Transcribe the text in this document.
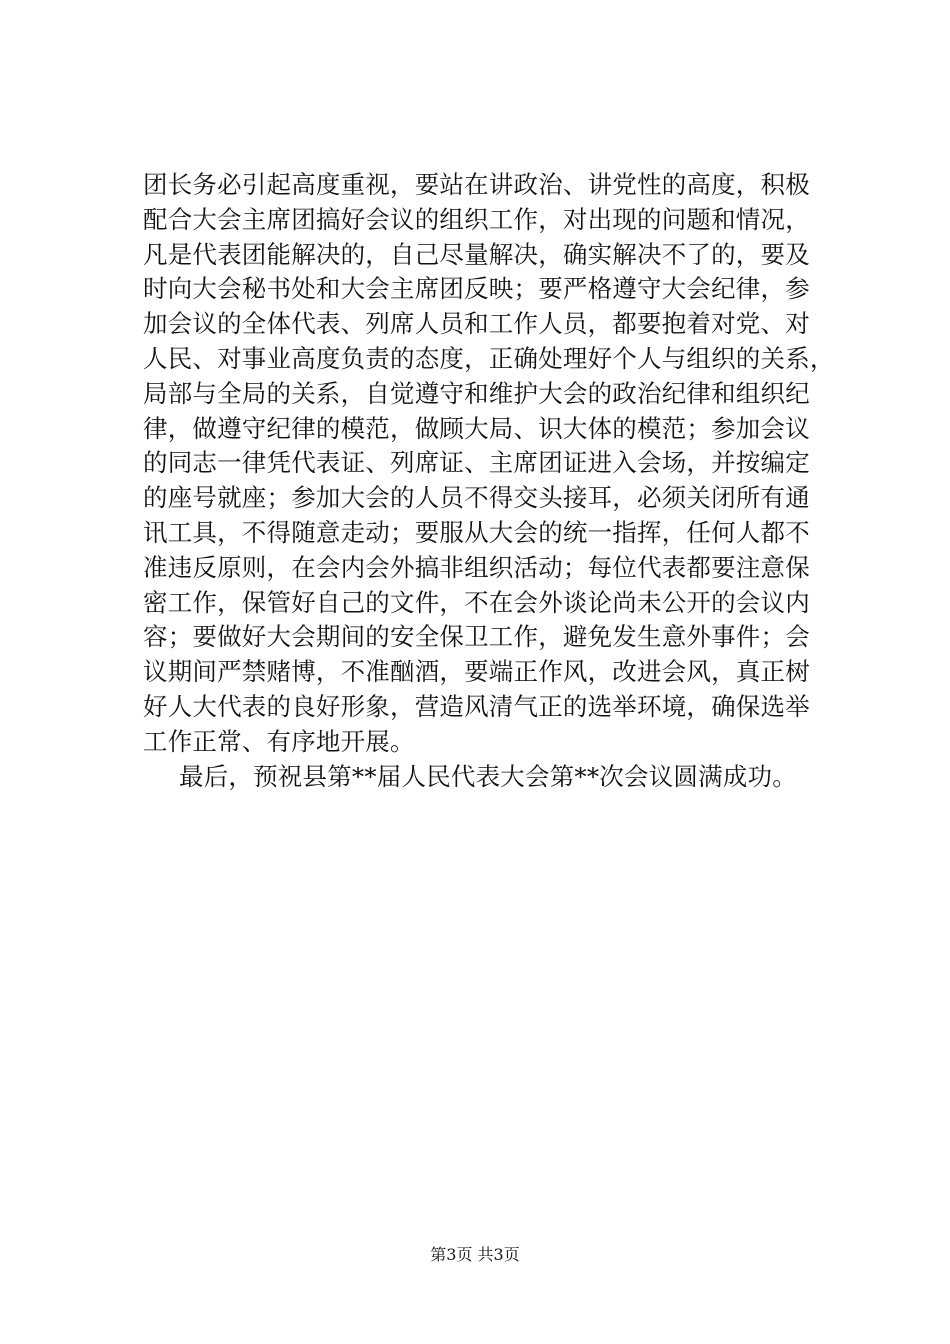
团长务必引起高度重视，要站在讲政治、讲党性的高度，积极
配合大会主席团搞好会议的组织工作，对出现的问题和情况，
凡是代表团能解决的，自己尽量解决，确实解决不了的，要及
时向大会秘书处和大会主席团反映；要严格遵守大会纪律，参
加会议的全体代表、列席人员和工作人员，都要抱着对党、对
人民、对事业高度负责的态度，正确处理好个人与组织的关系，
局部与全局的关系，自觉遵守和维护大会的政治纪律和组织纪
律，做遵守纪律的模范，做顾大局、识大体的模范；参加会议
的同志一律凭代表证、列席证、主席团证进入会场，并按编定
的座号就座；参加大会的人员不得交头接耳，必须关闭所有通
讯工具，不得随意走动；要服从大会的统一指挥，任何人都不
准违反原则，在会内会外搞非组织活动；每位代表都要注意保
密工作，保管好自己的文件，不在会外谈论尚未公开的会议内
容；要做好大会期间的安全保卫工作，避免发生意外事件；会
议期间严禁赌博，不准酗酒，要端正作风，改进会风，真正树
好人大代表的良好形象，营造风清气正的选举环境，确保选举
工作正常、有序地开展。
最后，预祝县第**届人民代表大会第**次会议圆满成功。
第3页 共3页
